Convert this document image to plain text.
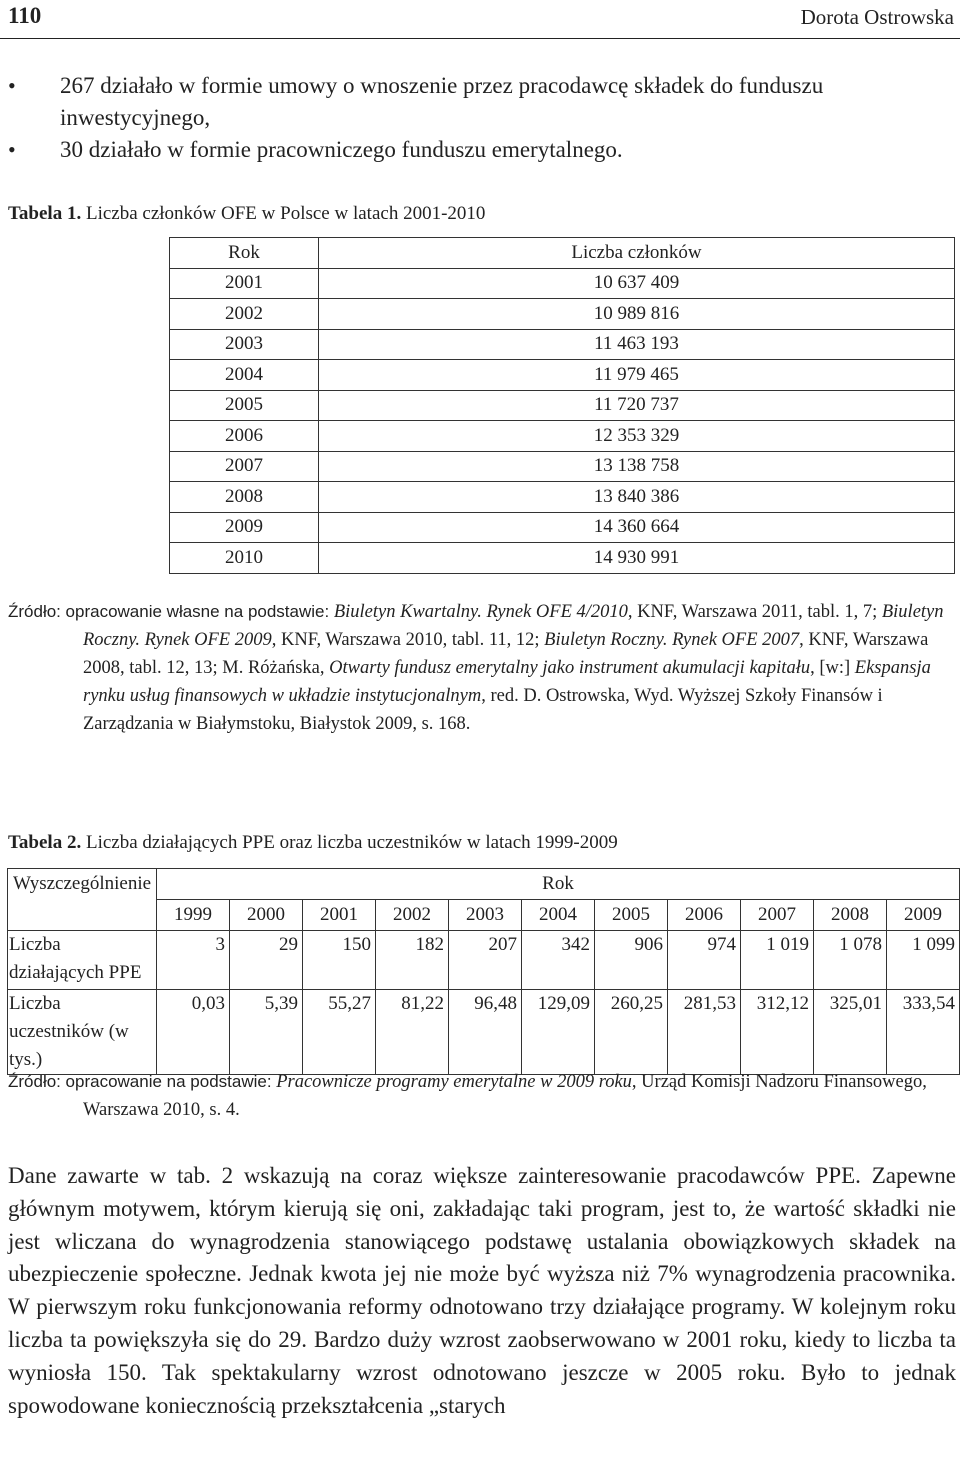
110	Dorota Ostrowska
•	267 działało w formie umowy o wnoszenie przez pracodawcę składek do funduszu inwestycyjnego,
•	30 działało w formie pracowniczego funduszu emerytalnego.
Tabela 1. Liczba członków OFE w Polsce w latach 2001-2010
Rok	Liczba członków
2001	10 637 409
2002	10 989 816
2003	11 463 193
2004	11 979 465
2005	11 720 737
2006	12 353 329
2007	13 138 758
2008	13 840 386
2009	14 360 664
2010	14 930 991
Źródło: opracowanie własne na podstawie: Biuletyn Kwartalny. Rynek OFE 4/2010, KNF, Warszawa 2011, tabl. 1, 7; Biuletyn Roczny. Rynek OFE 2009, KNF, Warszawa 2010, tabl. 11, 12; Biuletyn Roczny. Rynek OFE 2007, KNF, Warszawa 2008, tabl. 12, 13; M. Różańska, Otwarty fundusz emerytalny jako instrument akumulacji kapitału, [w:] Ekspansja rynku usług finansowych w układzie instytucjonalnym, red. D. Ostrowska, Wyd. Wyższej Szkoły Finansów i Zarządzania w Białymstoku, Białystok 2009, s. 168.
Tabela 2. Liczba działających PPE oraz liczba uczestników w latach 1999-2009
Wyszczególnienie	Rok										
	1999	2000	2001	2002	2003	2004	2005	2006	2007	2008	2009
Liczba działających PPE	3	29	150	182	207	342	906	974	1 019	1 078	1 099
Liczba uczestników (w tys.)	0,03	5,39	55,27	81,22	96,48	129,09	260,25	281,53	312,12	325,01	333,54
Źródło: opracowanie na podstawie: Pracownicze programy emerytalne w 2009 roku, Urząd Komisji Nadzoru Finansowego, Warszawa 2010, s. 4.
Dane zawarte w tab. 2 wskazują na coraz większe zainteresowanie pracodawców PPE. Zapewne głównym motywem, którym kierują się oni, zakładając taki program, jest to, że wartość składki nie jest wliczana do wynagrodzenia stanowiącego podstawę ustalania obowiązkowych składek na ubezpieczenie społeczne. Jednak kwota jej nie może być wyższa niż 7% wynagrodzenia pracownika. W pierwszym roku funkcjonowania reformy odnotowano trzy działające programy. W kolejnym roku liczba ta powiększyła się do 29. Bardzo duży wzrost zaobserwowano w 2001 roku, kiedy to liczba ta wyniosła 150. Tak spektakularny wzrost odnotowano jeszcze w 2005 roku. Było to jednak spowodowane koniecznością przekształcenia „starych
